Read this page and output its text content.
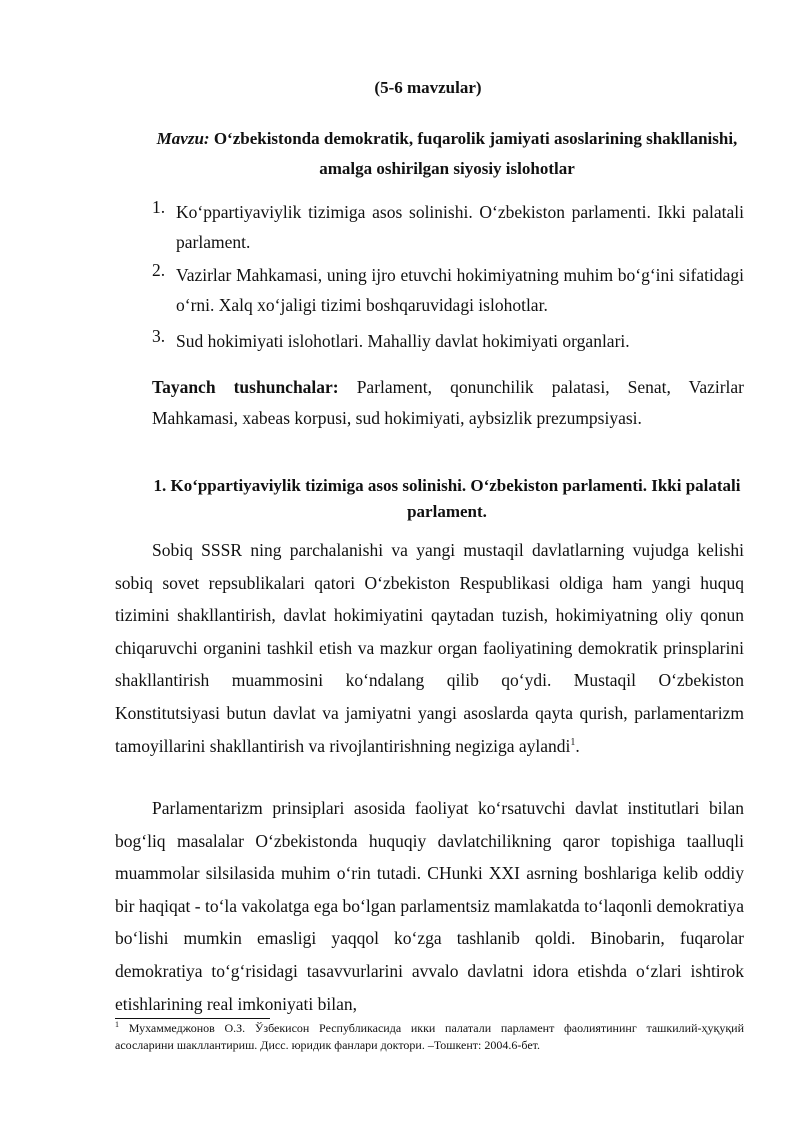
(5-6 mavzular)

Mavzu: O‘zbekistonda demokratik, fuqarolik jamiyati asoslarining shakllanishi, amalga oshirilgan siyosiy islohotlar

1. Ko‘ppartiyaviylik tizimiga asos solinishi. O‘zbekiston parlamenti. Ikki palatali parlament.
2. Vazirlar Mahkamasi, uning ijro etuvchi hokimiyatning muhim bo‘g‘ini sifatidagi o‘rni. Xalq xo‘jaligi tizimi boshqaruvidagi islohotlar.
3. Sud hokimiyati islohotlari. Mahalliy davlat hokimiyati organlari.

Tayanch tushunchalar: Parlament, qonunchilik palatasi, Senat, Vazirlar Mahkamasi, xabeas korpusi, sud hokimiyati, aybsizlik prezumpsiyasi.

1. Ko‘ppartiyaviylik tizimiga asos solinishi. O‘zbekiston parlamenti. Ikki palatali parlament.

Sobiq SSSR ning parchalanishi va yangi mustaqil davlatlarning vujudga kelishi sobiq sovet repsublikalari qatori O‘zbekiston Respublikasi oldiga ham yangi huquq tizimini shakllantirish, davlat hokimiyatini qaytadan tuzish, hokimiyatning oliy qonun chiqaruvchi organini tashkil etish va mazkur organ faoliyatining demokratik prinsplarini shakllantirish muammosini ko‘ndalang qilib qo‘ydi. Mustaqil O‘zbekiston Konstitutsiyasi butun davlat va jamiyatni yangi asoslarda qayta qurish, parlamentarizm tamoyillarini shakllantirish va rivojlantirishning negiziga aylandi$^1$.

Parlamentarizm prinsiplari asosida faoliyat ko‘rsatuvchi davlat institutlari bilan bog‘liq masalalar O‘zbekistonda huquqiy davlatchilikning qaror topishiga taalluqli muammolar silsilasida muhim o‘rin tutadi. CHunki XXI asrning boshlariga kelib oddiy bir haqiqat - to‘la vakolatga ega bo‘lgan parlamentsiz mamlakatda to‘laqonli demokratiya bo‘lishi mumkin emasligi yaqqol ko‘zga tashlanib qoldi. Binobarin, fuqarolar demokratiya to‘g‘risidagi tasavvurlarini avvalo davlatni idora etishda o‘zlari ishtirok etishlarining real imkoniyati bilan,

$^1$ Мухаммеджонов О.З. Ўзбекисон Республикасида икки палатали парламент фаолиятининг ташкилий-ҳуқуқий асосларини шакллантириш. Дисс. юридик фанлари доктори. –Тошкент: 2004.6-бет.
